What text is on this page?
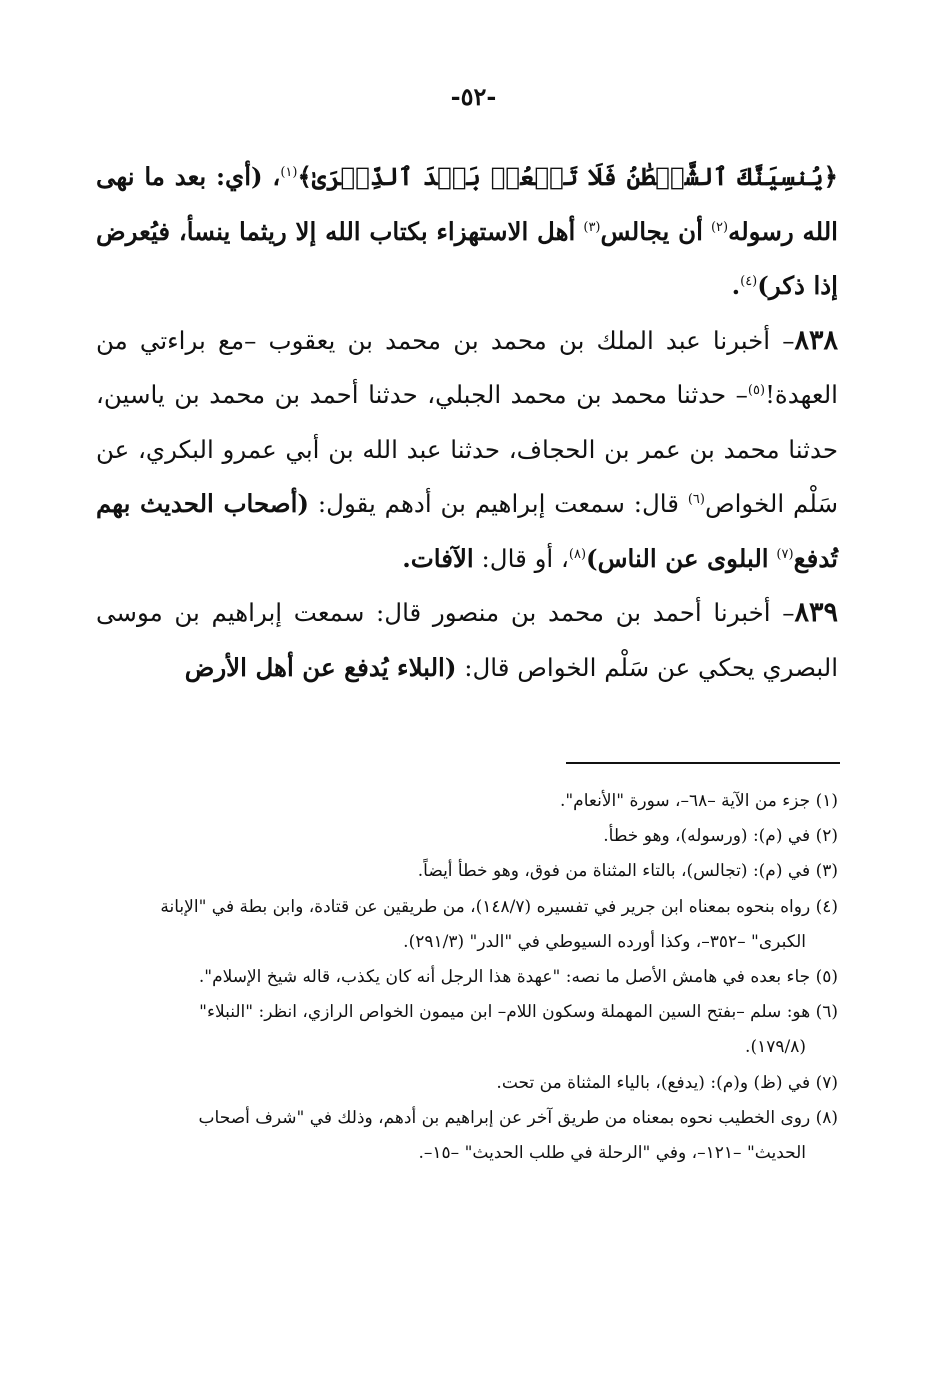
-٥٢-

﴿يُنسِيَنَّكَ ٱلشَّيۡطَٰنُ فَلَا تَقۡعُدۡ بَعۡدَ ٱلذِّكۡرَىٰ﴾$^{(١)}$، (أي: بعد ما نهى الله رسوله$^{(٢)}$ أن يجالس$^{(٣)}$ أهل الاستهزاء بكتاب الله إلا ريثما ينسأ، فيُعرض إذا ذكر)$^{(٤)}$.

٨٣٨– أخبرنا عبد الملك بن محمد بن محمد بن يعقوب –مع براءتي من العهدة!$^{(٥)}$– حدثنا محمد بن محمد الجبلي، حدثنا أحمد بن محمد بن ياسين، حدثنا محمد بن عمر بن الحجاف، حدثنا عبد الله بن أبي عمرو البكري، عن سَلْم الخواص$^{(٦)}$ قال: سمعت إبراهيم بن أدهم يقول: (أصحاب الحديث بهم تُدفع$^{(٧)}$ البلوى عن الناس)$^{(٨)}$، أو قال: الآفات.

٨٣٩– أخبرنا أحمد بن محمد بن منصور قال: سمعت إبراهيم بن موسى البصري يحكي عن سَلْم الخواص قال: (البلاء يُدفع عن أهل الأرض

(١) جزء من الآية –٦٨–، سورة "الأنعام".

(٢) في (م): (ورسوله)، وهو خطأ.

(٣) في (م): (تجالس)، بالتاء المثناة من فوق، وهو خطأ أيضاً.

(٤) رواه بنحوه بمعناه ابن جرير في تفسيره (١٤٨/٧)، من طريقين عن قتادة، وابن بطة في "الإبانة
الكبرى" –٣٥٢–، وكذا أورده السيوطي في "الدر" (٢٩١/٣).

(٥) جاء بعده في هامش الأصل ما نصه: "عهدة هذا الرجل أنه كان يكذب، قاله شيخ الإسلام".

(٦) هو: سلم –بفتح السين المهملة وسكون اللام– ابن ميمون الخواص الرازي، انظر: "النبلاء"
(١٧٩/٨).

(٧) في (ظ) و(م): (يدفع)، بالياء المثناة من تحت.

(٨) روى الخطيب نحوه بمعناه من طريق آخر عن إبراهيم بن أدهم، وذلك في "شرف أصحاب
الحديث" –١٢١–، وفي "الرحلة في طلب الحديث" –١٥–.
